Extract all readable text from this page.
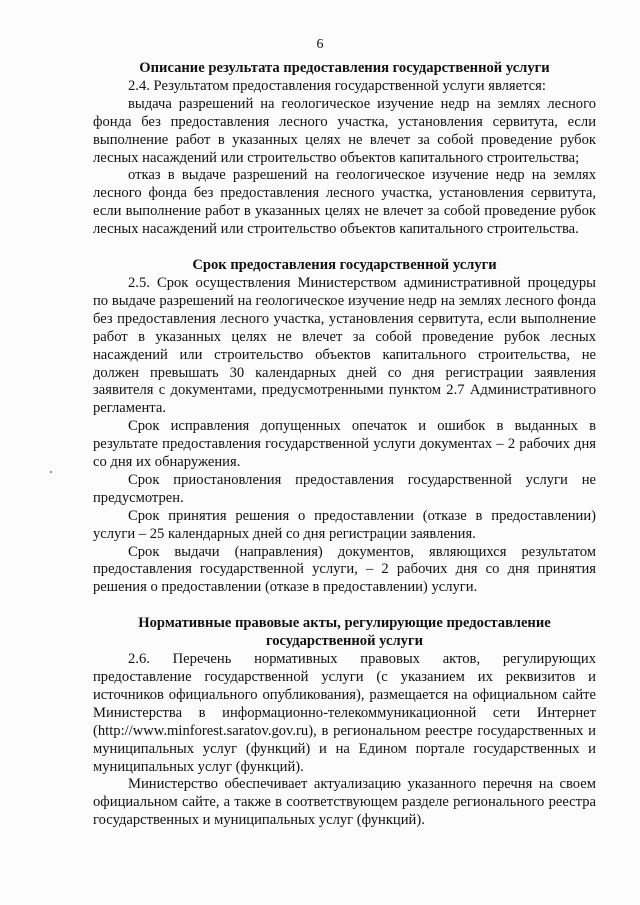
6

Описание результата предоставления государственной услуги

2.4. Результатом предоставления государственной услуги является:

выдача разрешений на геологическое изучение недр на землях лесного фонда без предоставления лесного участка, установления сервитута, если выполнение работ в указанных целях не влечет за собой проведение рубок лесных насаждений или строительство объектов капитального строительства;

отказ в выдаче разрешений на геологическое изучение недр на землях лесного фонда без предоставления лесного участка, установления сервитута, если выполнение работ в указанных целях не влечет за собой проведение рубок лесных насаждений или строительство объектов капитального строительства.

Срок предоставления государственной услуги

2.5. Срок осуществления Министерством административной процедуры по выдаче разрешений на геологическое изучение недр на землях лесного фонда без предоставления лесного участка, установления сервитута, если выполнение работ в указанных целях не влечет за собой проведение рубок лесных насаждений или строительство объектов капитального строительства, не должен превышать 30 календарных дней со дня регистрации заявления заявителя с документами, предусмотренными пунктом 2.7 Административного регламента.

Срок исправления допущенных опечаток и ошибок в выданных в результате предоставления государственной услуги документах – 2 рабочих дня со дня их обнаружения.

Срок приостановления предоставления государственной услуги не предусмотрен.

Срок принятия решения о предоставлении (отказе в предоставлении) услуги – 25 календарных дней со дня регистрации заявления.

Срок выдачи (направления) документов, являющихся результатом предоставления государственной услуги, – 2 рабочих дня со дня принятия решения о предоставлении (отказе в предоставлении) услуги.

Нормативные правовые акты, регулирующие предоставление
государственной услуги

2.6. Перечень нормативных правовых актов, регулирующих предоставление государственной услуги (с указанием их реквизитов и источников официального опубликования), размещается на официальном сайте Министерства в информационно-телекоммуникационной сети Интернет (http://www.minforest.saratov.gov.ru), в региональном реестре государственных и муниципальных услуг (функций) и на Едином портале государственных и муниципальных услуг (функций).

Министерство обеспечивает актуализацию указанного перечня на своем официальном сайте, а также в соответствующем разделе регионального реестра государственных и муниципальных услуг (функций).
